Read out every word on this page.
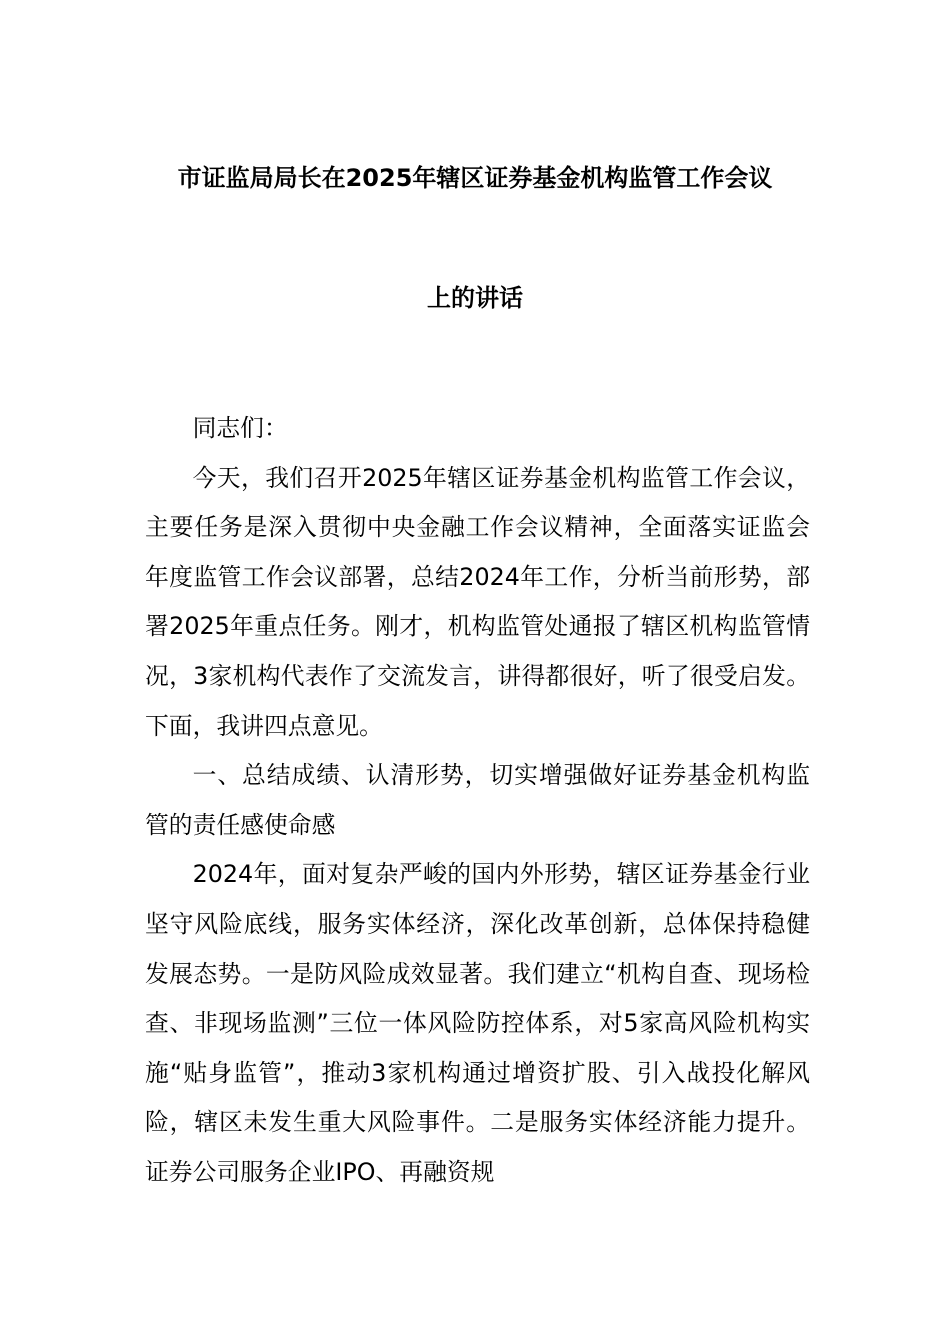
市证监局局长在2025年辖区证券基金机构监管工作会议
上的讲话

同志们：

今天，我们召开2025年辖区证券基金机构监管工作会议，主要任务是深入贯彻中央金融工作会议精神，全面落实证监会年度监管工作会议部署，总结2024年工作，分析当前形势，部署2025年重点任务。刚才，机构监管处通报了辖区机构监管情况，3家机构代表作了交流发言，讲得都很好，听了很受启发。下面，我讲四点意见。

一、总结成绩、认清形势，切实增强做好证券基金机构监管的责任感使命感

2024年，面对复杂严峻的国内外形势，辖区证券基金行业坚守风险底线，服务实体经济，深化改革创新，总体保持稳健发展态势。一是防风险成效显著。我们建立“机构自查、现场检查、非现场监测”三位一体风险防控体系，对5家高风险机构实施“贴身监管”，推动3家机构通过增资扩股、引入战投化解风险，辖区未发生重大风险事件。二是服务实体经济能力提升。证券公司服务企业IPO、再融资规
